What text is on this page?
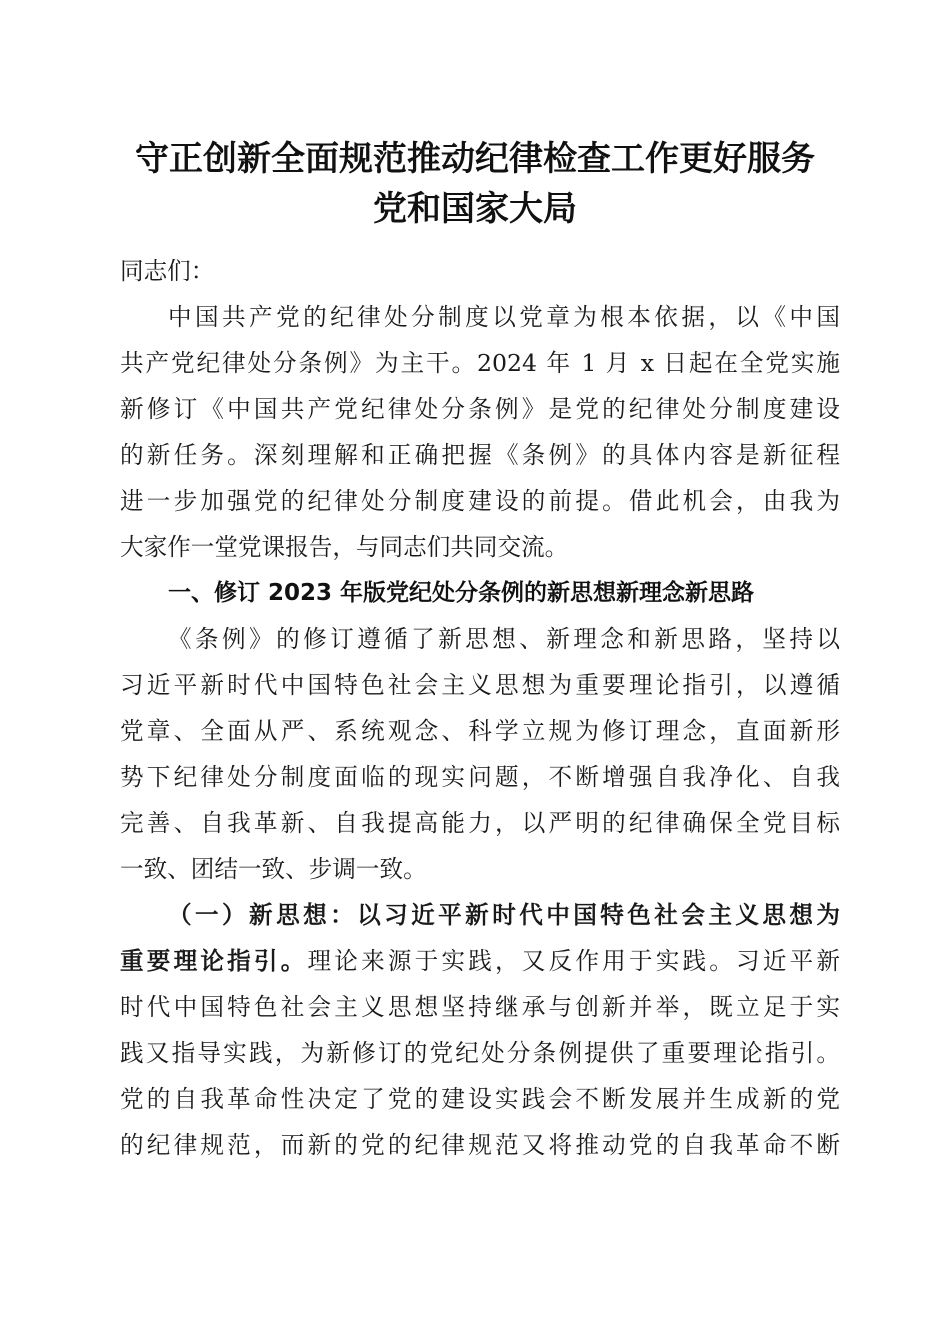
守正创新全面规范推动纪律检查工作更好服务
党和国家大局
同志们：
中国共产党的纪律处分制度以党章为根本依据，以《中国
共产党纪律处分条例》为主干。2024 年 1 月 x 日起在全党实施
新修订《中国共产党纪律处分条例》是党的纪律处分制度建设
的新任务。深刻理解和正确把握《条例》的具体内容是新征程
进一步加强党的纪律处分制度建设的前提。借此机会，由我为
大家作一堂党课报告，与同志们共同交流。
一、修订 2023 年版党纪处分条例的新思想新理念新思路
《条例》的修订遵循了新思想、新理念和新思路，坚持以
习近平新时代中国特色社会主义思想为重要理论指引，以遵循
党章、全面从严、系统观念、科学立规为修订理念，直面新形
势下纪律处分制度面临的现实问题，不断增强自我净化、自我
完善、自我革新、自我提高能力，以严明的纪律确保全党目标
一致、团结一致、步调一致。
（一）新思想：以习近平新时代中国特色社会主义思想为
重要理论指引。理论来源于实践，又反作用于实践。习近平新
时代中国特色社会主义思想坚持继承与创新并举，既立足于实
践又指导实践，为新修订的党纪处分条例提供了重要理论指引。
党的自我革命性决定了党的建设实践会不断发展并生成新的党
的纪律规范，而新的党的纪律规范又将推动党的自我革命不断
